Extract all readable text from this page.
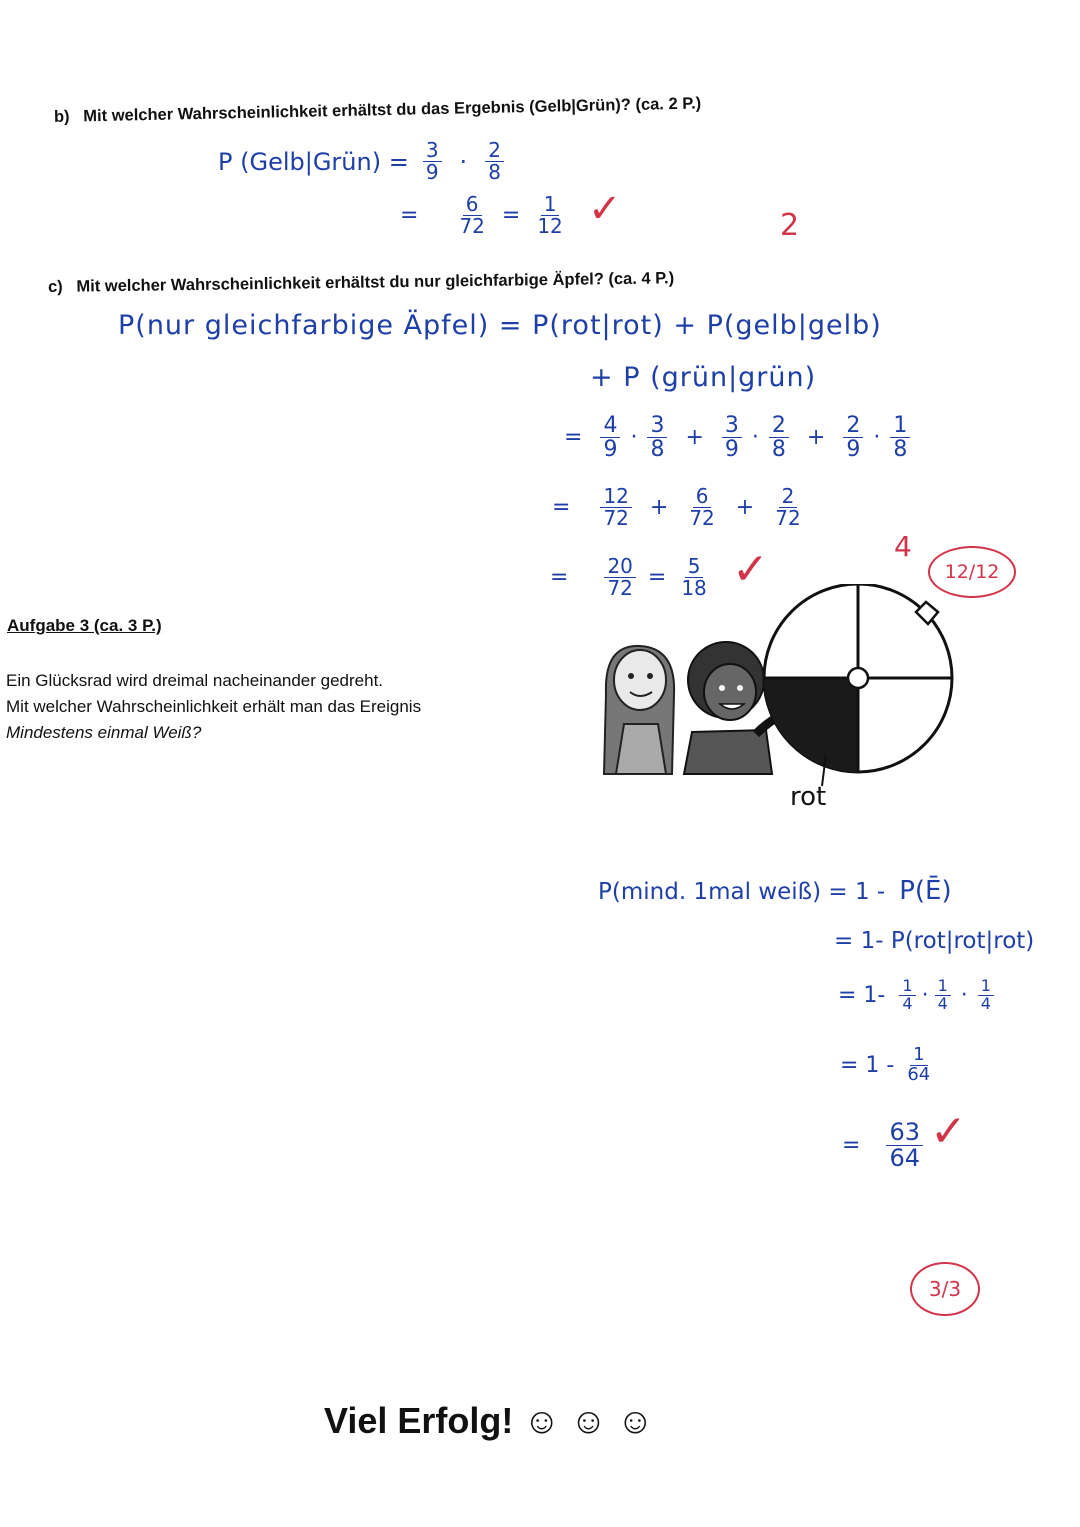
b) Mit welcher Wahrscheinlichkeit erhältst du das Ergebnis (Gelb|Grün)? (ca. 2 P.)
P (Gelb|Grün) = $\frac{3}{9} \cdot \frac{2}{8}$
= $\frac{6}{72} = \frac{1}{12}$ ✓	2
c) Mit welcher Wahrscheinlichkeit erhältst du nur gleichfarbige Äpfel? (ca. 4 P.)
P(nur gleichfarbige Äpfel) = P(rot|rot) + P(gelb|gelb)
+ P (grün|grün)
= $\frac{4}{9} \cdot \frac{3}{8} + \frac{3}{9} \cdot \frac{2}{8} + \frac{2}{9} \cdot \frac{1}{8}$
= $\frac{12}{72} + \frac{6}{72} + \frac{2}{72}$
= $\frac{20}{72} = \frac{5}{18}$ ✓	4
12/12
Aufgabe 3 (ca. 3 P.)
Ein Glücksrad wird dreimal nacheinander gedreht.
Mit welcher Wahrscheinlichkeit erhält man das Ereignis
Mindestens einmal Weiß?
rot
P(mind. 1mal weiß) = 1 - P(Ē)
= 1- P(rot|rot|rot)
= $1- \frac{1}{4} \cdot \frac{1}{4} \cdot \frac{1}{4}$
= $1 - \frac{1}{64}$
= $\frac{63}{64}$ ✓
3/3
Viel Erfolg! ☺ ☺ ☺
